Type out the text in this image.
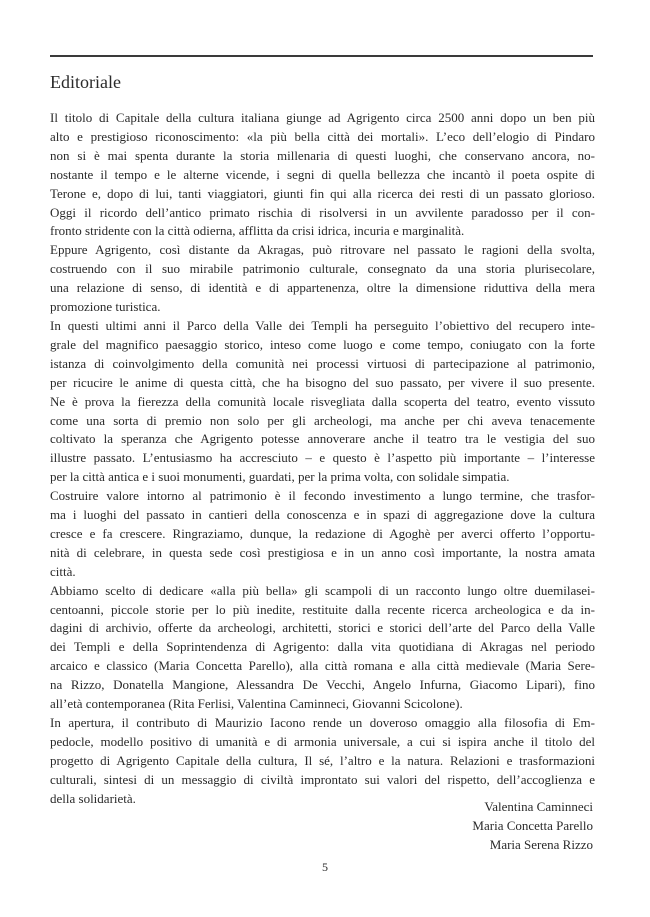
Editoriale
Il titolo di Capitale della cultura italiana giunge ad Agrigento circa 2500 anni dopo un ben più
alto e prestigioso riconoscimento: «la più bella città dei mortali». L’eco dell’elogio di Pindaro
non si è mai spenta durante la storia millenaria di questi luoghi, che conservano ancora, no-
nostante il tempo e le alterne vicende, i segni di quella bellezza che incantò il poeta ospite di
Terone e, dopo di lui, tanti viaggiatori, giunti fin qui alla ricerca dei resti di un passato glorioso.
Oggi il ricordo dell’antico primato rischia di risolversi in un avvilente paradosso per il con-
fronto stridente con la città odierna, afflitta da crisi idrica, incuria e marginalità.
Eppure Agrigento, così distante da Akragas, può ritrovare nel passato le ragioni della svolta,
costruendo con il suo mirabile patrimonio culturale, consegnato da una storia plurisecolare,
una relazione di senso, di identità e di appartenenza, oltre la dimensione riduttiva della mera
promozione turistica.
In questi ultimi anni il Parco della Valle dei Templi ha perseguito l’obiettivo del recupero inte-
grale del magnifico paesaggio storico, inteso come luogo e come tempo, coniugato con la forte
istanza di coinvolgimento della comunità nei processi virtuosi di partecipazione al patrimonio,
per ricucire le anime di questa città, che ha bisogno del suo passato, per vivere il suo presente.
Ne è prova la fierezza della comunità locale risvegliata dalla scoperta del teatro, evento vissuto
come una sorta di premio non solo per gli archeologi, ma anche per chi aveva tenacemente
coltivato la speranza che Agrigento potesse annoverare anche il teatro tra le vestigia del suo
illustre passato. L’entusiasmo ha accresciuto – e questo è l’aspetto più importante – l’interesse
per la città antica e i suoi monumenti, guardati, per la prima volta, con solidale simpatia.
Costruire valore intorno al patrimonio è il fecondo investimento a lungo termine, che trasfor-
ma i luoghi del passato in cantieri della conoscenza e in spazi di aggregazione dove la cultura
cresce e fa crescere. Ringraziamo, dunque, la redazione di Agoghè per averci offerto l’opportu-
nità di celebrare, in questa sede così prestigiosa e in un anno così importante, la nostra amata
città.
Abbiamo scelto di dedicare «alla più bella» gli scampoli di un racconto lungo oltre duemilasei-
centoanni, piccole storie per lo più inedite, restituite dalla recente ricerca archeologica e da in-
dagini di archivio, offerte da archeologi, architetti, storici e storici dell’arte del Parco della Valle
dei Templi e della Soprintendenza di Agrigento: dalla vita quotidiana di Akragas nel periodo
arcaico e classico (Maria Concetta Parello), alla città romana e alla città medievale (Maria Sere-
na Rizzo, Donatella Mangione, Alessandra De Vecchi, Angelo Infurna, Giacomo Lipari), fino
all’età contemporanea (Rita Ferlisi, Valentina Caminneci, Giovanni Scicolone).
In apertura, il contributo di Maurizio Iacono rende un doveroso omaggio alla filosofia di Em-
pedocle, modello positivo di umanità e di armonia universale, a cui si ispira anche il titolo del
progetto di Agrigento Capitale della cultura, Il sé, l’altro e la natura. Relazioni e trasformazioni
culturali, sintesi di un messaggio di civiltà improntato sui valori del rispetto, dell’accoglienza e
della solidarietà.
Valentina Caminneci
Maria Concetta Parello
Maria Serena Rizzo
5
